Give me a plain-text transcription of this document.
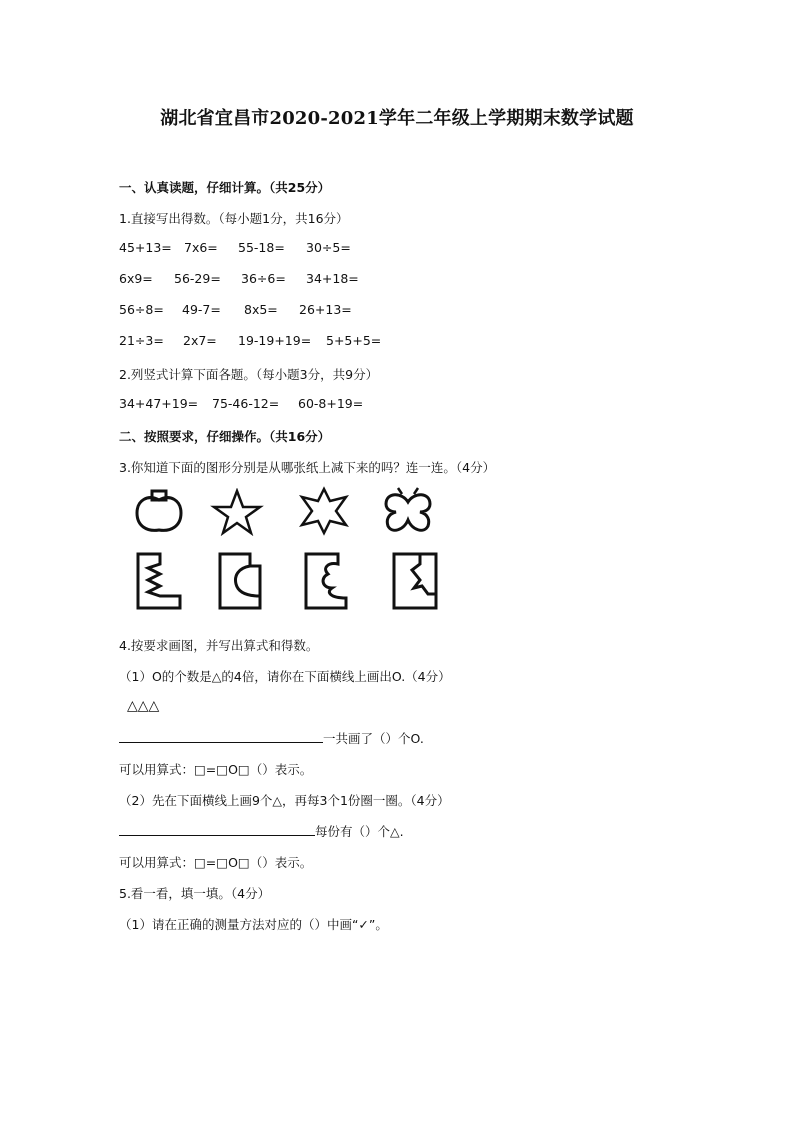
湖北省宜昌市2020-2021学年二年级上学期期末数学试题
一、认真读题，仔细计算。（共25分）
1.直接写出得数。（每小题1分，共16分）
45+13= 7x6= 55-18= 30÷5=
6x9= 56-29= 36÷6= 34+18=
56÷8= 49-7= 8x5= 26+13=
21÷3= 2x7= 19-19+19= 5+5+5=
2.列竖式计算下面各题。（每小题3分，共9分）
34+47+19= 75-46-12= 60-8+19=
二、按照要求，仔细操作。（共16分）
3.你知道下面的图形分别是从哪张纸上减下来的吗？连一连。（4分）
4.按要求画图，并写出算式和得数。
（1）O的个数是△的4倍，请你在下面横线上画出O.（4分）
△△△
一共画了（）个O.
可以用算式：□=□O□（）表示。
（2）先在下面横线上画9个△，再每3个1份圈一圈。（4分）
每份有（）个△.
可以用算式：□=□O□（）表示。
5.看一看，填一填。（4分）
（1）请在正确的测量方法对应的（）中画“✓”。
